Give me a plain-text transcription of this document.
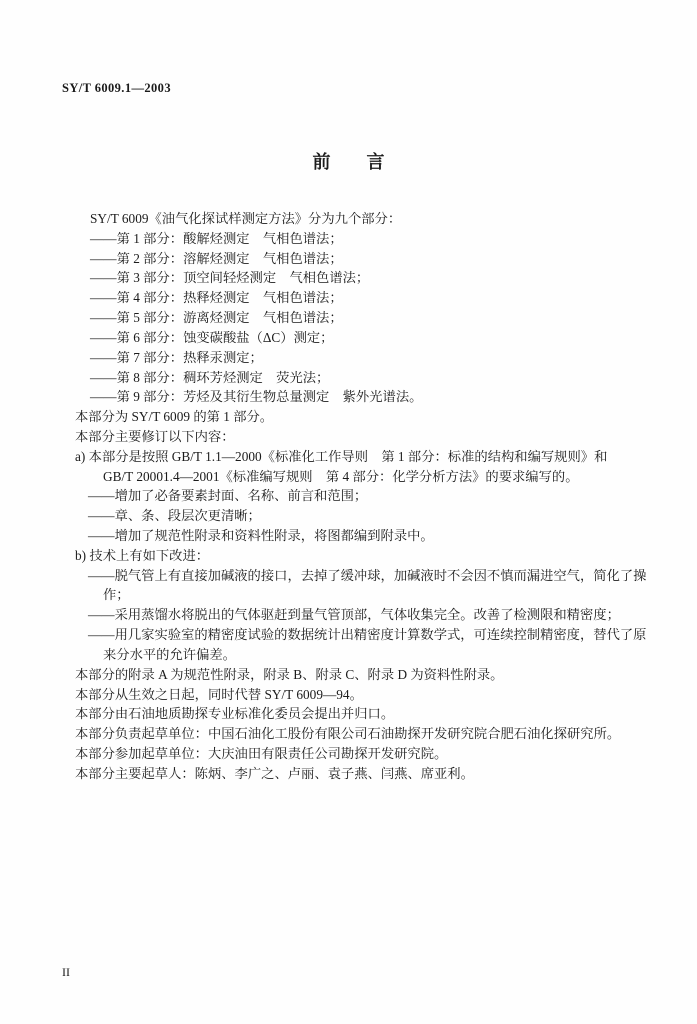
SY/T 6009.1—2003
前　　言
SY/T 6009《油气化探试样测定方法》分为九个部分：
——第 1 部分：酸解烃测定　气相色谱法；
——第 2 部分：溶解烃测定　气相色谱法；
——第 3 部分：顶空间轻烃测定　气相色谱法；
——第 4 部分：热释烃测定　气相色谱法；
——第 5 部分：游离烃测定　气相色谱法；
——第 6 部分：蚀变碳酸盐（ΔC）测定；
——第 7 部分：热释汞测定；
——第 8 部分：稠环芳烃测定　荧光法；
——第 9 部分：芳烃及其衍生物总量测定　紫外光谱法。
本部分为 SY/T 6009 的第 1 部分。
本部分主要修订以下内容：
a) 本部分是按照 GB/T 1.1—2000《标准化工作导则　第 1 部分：标准的结构和编写规则》和
GB/T 20001.4—2001《标准编写规则　第 4 部分：化学分析方法》的要求编写的。
——增加了必备要素封面、名称、前言和范围；
——章、条、段层次更清晰；
——增加了规范性附录和资料性附录，将图都编到附录中。
b) 技术上有如下改进：
——脱气管上有直接加碱液的接口，去掉了缓冲球，加碱液时不会因不慎而漏进空气，简化了操
作；
——采用蒸馏水将脱出的气体驱赶到量气管顶部，气体收集完全。改善了检测限和精密度；
——用几家实验室的精密度试验的数据统计出精密度计算数学式，可连续控制精密度，替代了原
来分水平的允许偏差。
本部分的附录 A 为规范性附录，附录 B、附录 C、附录 D 为资料性附录。
本部分从生效之日起，同时代替 SY/T 6009—94。
本部分由石油地质勘探专业标准化委员会提出并归口。
本部分负责起草单位：中国石油化工股份有限公司石油勘探开发研究院合肥石油化探研究所。
本部分参加起草单位：大庆油田有限责任公司勘探开发研究院。
本部分主要起草人：陈炳、李广之、卢丽、袁子燕、闫燕、席亚利。
II
